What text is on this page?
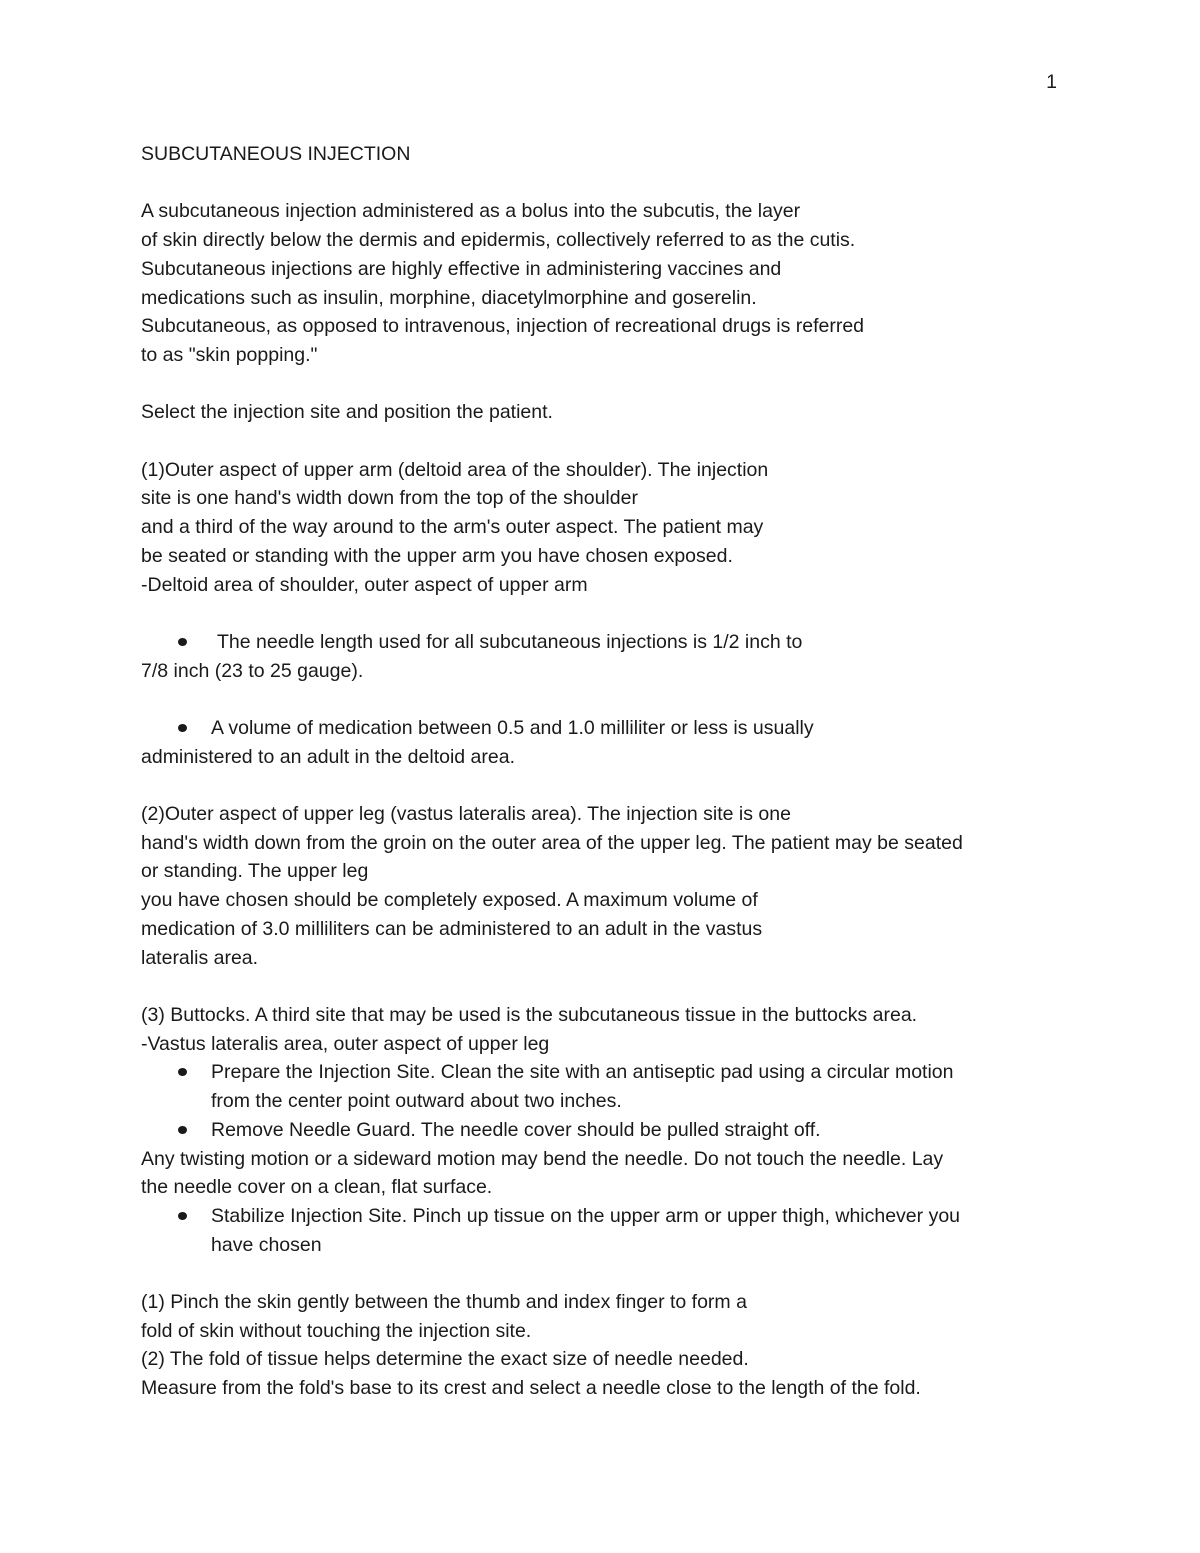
1
SUBCUTANEOUS INJECTION
A subcutaneous injection administered as a bolus into the subcutis, the layer
of skin directly below the dermis and epidermis, collectively referred to as the cutis.
Subcutaneous injections are highly effective in administering vaccines and
medications such as insulin, morphine, diacetylmorphine and goserelin.
Subcutaneous, as opposed to intravenous, injection of recreational drugs is referred
to as "skin popping."
Select the injection site and position the patient.
(1)Outer aspect of upper arm (deltoid area of the shoulder). The injection
site is one hand's width down from the top of the shoulder
and a third of the way around to the arm's outer aspect. The patient may
be seated or standing with the upper arm you have chosen exposed.
-Deltoid area of shoulder, outer aspect of upper arm
The needle length used for all subcutaneous injections is 1/2 inch to
7/8 inch (23 to 25 gauge).
A volume of medication between 0.5 and 1.0 milliliter or less is usually
administered to an adult in the deltoid area.
(2)Outer aspect of upper leg (vastus lateralis area). The injection site is one
hand's width down from the groin on the outer area of the upper leg. The patient may be seated
or standing. The upper leg
you have chosen should be completely exposed. A maximum volume of
medication of 3.0 milliliters can be administered to an adult in the vastus
lateralis area.
(3) Buttocks. A third site that may be used is the subcutaneous tissue in the buttocks area.
-Vastus lateralis area, outer aspect of upper leg
Prepare the Injection Site. Clean the site with an antiseptic pad using a circular motion
from the center point outward about two inches.
Remove Needle Guard. The needle cover should be pulled straight off.
Any twisting motion or a sideward motion may bend the needle. Do not touch the needle. Lay
the needle cover on a clean, flat surface.
Stabilize Injection Site. Pinch up tissue on the upper arm or upper thigh, whichever you
have chosen
(1) Pinch the skin gently between the thumb and index finger to form a
fold of skin without touching the injection site.
(2) The fold of tissue helps determine the exact size of needle needed.
Measure from the fold's base to its crest and select a needle close to the length of the fold.
